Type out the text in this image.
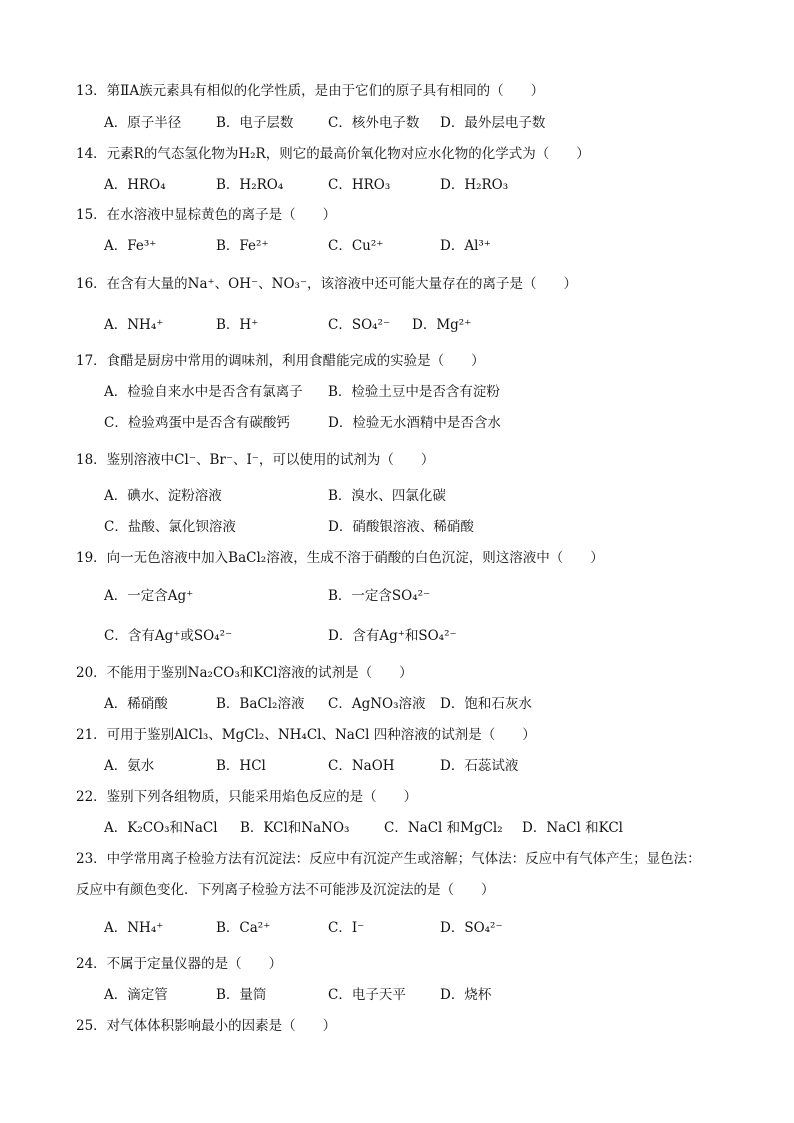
13．第ⅡA族元素具有相似的化学性质，是由于它们的原子具有相同的（　　）
A．原子半径	B．电子层数	C．核外电子数 D．最外层电子数
14．元素R的气态氢化物为H₂R，则它的最高价氧化物对应水化物的化学式为（　　）
A．HRO₄	B．H₂RO₄	C．HRO₃	D．H₂RO₃
15．在水溶液中显棕黄色的离子是（　　）
A．Fe³⁺	B．Fe²⁺	C．Cu²⁺	D．Al³⁺
16．在含有大量的Na⁺、OH⁻、NO₃⁻，该溶液中还可能大量存在的离子是（　　）
A．NH₄⁺	B．H⁺	C．SO₄²⁻ D．Mg²⁺
17．食醋是厨房中常用的调味剂，利用食醋能完成的实验是（　　）
A．检验自来水中是否含有氯离子 B．检验土豆中是否含有淀粉
C．检验鸡蛋中是否含有碳酸钙	D．检验无水酒精中是否含水
18．鉴别溶液中Cl⁻、Br⁻、I⁻，可以使用的试剂为（　　）
A．碘水、淀粉溶液	B．溴水、四氯化碳
C．盐酸、氯化钡溶液	D．硝酸银溶液、稀硝酸
19．向一无色溶液中加入BaCl₂溶液，生成不溶于硝酸的白色沉淀，则这溶液中（　　）
A．一定含Ag⁺	B．一定含SO₄²⁻
C．含有Ag⁺或SO₄²⁻	D．含有Ag⁺和SO₄²⁻
20．不能用于鉴别Na₂CO₃和KCl溶液的试剂是（　　）
A．稀硝酸	B．BaCl₂溶液 C．AgNO₃溶液 D．饱和石灰水
21．可用于鉴别AlCl₃、MgCl₂、NH₄Cl、NaCl 四种溶液的试剂是（　　）
A．氨水	B．HCl	C．NaOH	D．石蕊试液
22．鉴别下列各组物质，只能采用焰色反应的是（　　）
A．K₂CO₃和NaCl B．KCl和NaNO₃	C．NaCl 和MgCl₂ D．NaCl 和KCl
23．中学常用离子检验方法有沉淀法：反应中有沉淀产生或溶解；气体法：反应中有气体产生；显色法：
反应中有颜色变化．下列离子检验方法不可能涉及沉淀法的是（　　）
A．NH₄⁺	B．Ca²⁺	C．I⁻	D．SO₄²⁻
24．不属于定量仪器的是（　　）
A．滴定管	B．量筒	C．电子天平	D．烧杯
25．对气体体积影响最小的因素是（　　）
